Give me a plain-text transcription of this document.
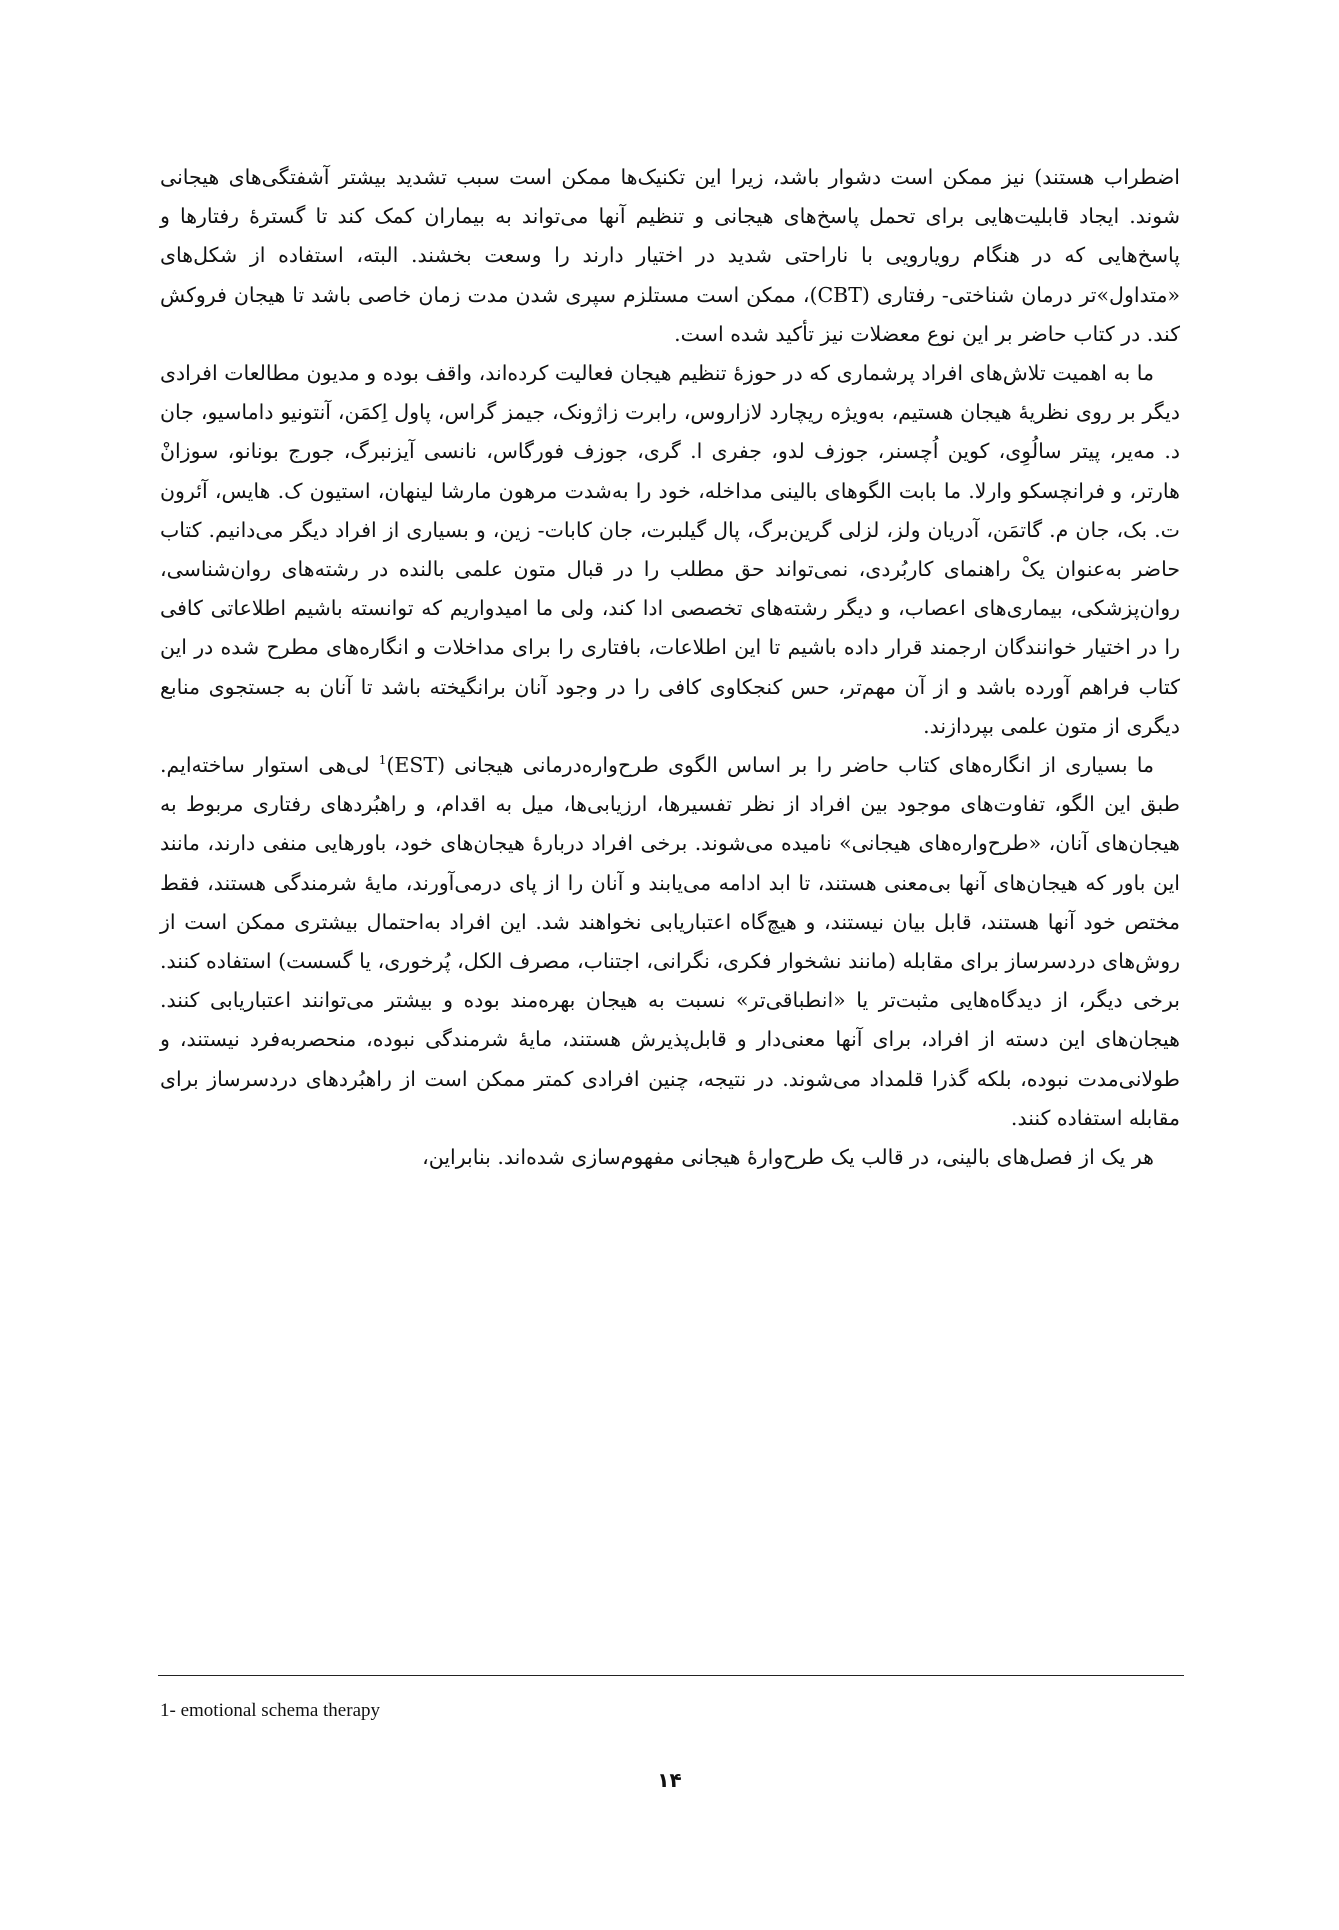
اضطراب هستند) نیز ممکن است دشوار باشد، زیرا این تکنیک‌ها ممکن است سبب تشدید بیشتر آشفتگی‌های هیجانی شوند. ایجاد قابلیت‌هایی برای تحمل پاسخ‌های هیجانی و تنظیم آنها می‌تواند به بیماران کمک کند تا گسترهٔ رفتارها و پاسخ‌هایی که در هنگام رویارویی با ناراحتی شدید در اختیار دارند را وسعت بخشند. البته، استفاده از شکل‌های «متداول»تر درمان شناختی- رفتاری (CBT)، ممکن است مستلزم سپری شدن مدت زمان خاصی باشد تا هیجان فروکش کند. در کتاب حاضر بر این نوع معضلات نیز تأکید شده است.

ما به اهمیت تلاش‌های افراد پرشماری که در حوزهٔ تنظیم هیجان فعالیت کرده‌اند، واقف بوده و مدیون مطالعات افرادی دیگر بر روی نظریهٔ هیجان هستیم، به‌ویژه ریچارد لازاروس، رابرت زاژونک، جیمز گراس، پاول اِکمَن، آنتونیو داماسیو، جان د. مه‌یر، پیتر سالُوِی، کوین اُچسنر، جوزف لدو، جفری ا. گری، جوزف فورگاس، نانسی آیزنبرگ، جورج بونانو، سوزانْ هارتر، و فرانچسکو وارلا. ما بابت الگوهای بالینی مداخله، خود را به‌شدت مرهون مارشا لینهان، استیون ک. هایس، آئرون ت. بک، جان م. گاتمَن، آدریان ولز، لزلی گرین‌برگ، پال گیلبرت، جان کابات- زین، و بسیاری از افراد دیگر می‌دانیم. کتاب حاضر به‌عنوان یکْ راهنمای کاربُردی، نمی‌تواند حق مطلب را در قبال متون علمی بالنده در رشته‌های روان‌شناسی، روان‌پزشکی، بیماری‌های اعصاب، و دیگر رشته‌های تخصصی ادا کند، ولی ما امیدواریم که توانسته باشیم اطلاعاتی کافی را در اختیار خوانندگان ارجمند قرار داده باشیم تا این اطلاعات، بافتاری را برای مداخلات و انگاره‌های مطرح شده در این کتاب فراهم آورده باشد و از آن مهم‌تر، حس کنجکاوی کافی را در وجود آنان برانگیخته باشد تا آنان به جستجوی منابع دیگری از متون علمی بپردازند.

ما بسیاری از انگاره‌های کتاب حاضر را بر اساس الگوی طرح‌واره‌درمانی هیجانی (EST)$^1$ لی‌هی استوار ساخته‌ایم. طبق این الگو، تفاوت‌های موجود بین افراد از نظر تفسیرها، ارزیابی‌ها، میل به اقدام، و راهبُردهای رفتاری مربوط به هیجان‌های آنان، «طرح‌واره‌های هیجانی» نامیده می‌شوند. برخی افراد دربارهٔ هیجان‌های خود، باورهایی منفی دارند، مانند این باور که هیجان‌های آنها بی‌معنی هستند، تا ابد ادامه می‌یابند و آنان را از پای درمی‌آورند، مایهٔ شرمندگی هستند، فقط مختص خود آنها هستند، قابل بیان نیستند، و هیچ‌گاه اعتباریابی نخواهند شد. این افراد به‌احتمال بیشتری ممکن است از روش‌های دردسرساز برای مقابله (مانند نشخوار فکری، نگرانی، اجتناب، مصرف الکل، پُرخوری، یا گسست) استفاده کنند. برخی دیگر، از دیدگاه‌هایی مثبت‌تر یا «انطباقی‌تر» نسبت به هیجان بهره‌مند بوده و بیشتر می‌توانند اعتباریابی کنند. هیجان‌های این دسته از افراد، برای آنها معنی‌دار و قابل‌پذیرش هستند، مایهٔ شرمندگی نبوده، منحصربه‌فرد نیستند، و طولانی‌مدت نبوده، بلکه گذرا قلمداد می‌شوند. در نتیجه، چنین افرادی کمتر ممکن است از راهبُردهای دردسرساز برای مقابله استفاده کنند.

هر یک از فصل‌های بالینی، در قالب یک طرح‌وارهٔ هیجانی مفهوم‌سازی شده‌اند. بنابراین،

1- emotional schema therapy
۱۴
